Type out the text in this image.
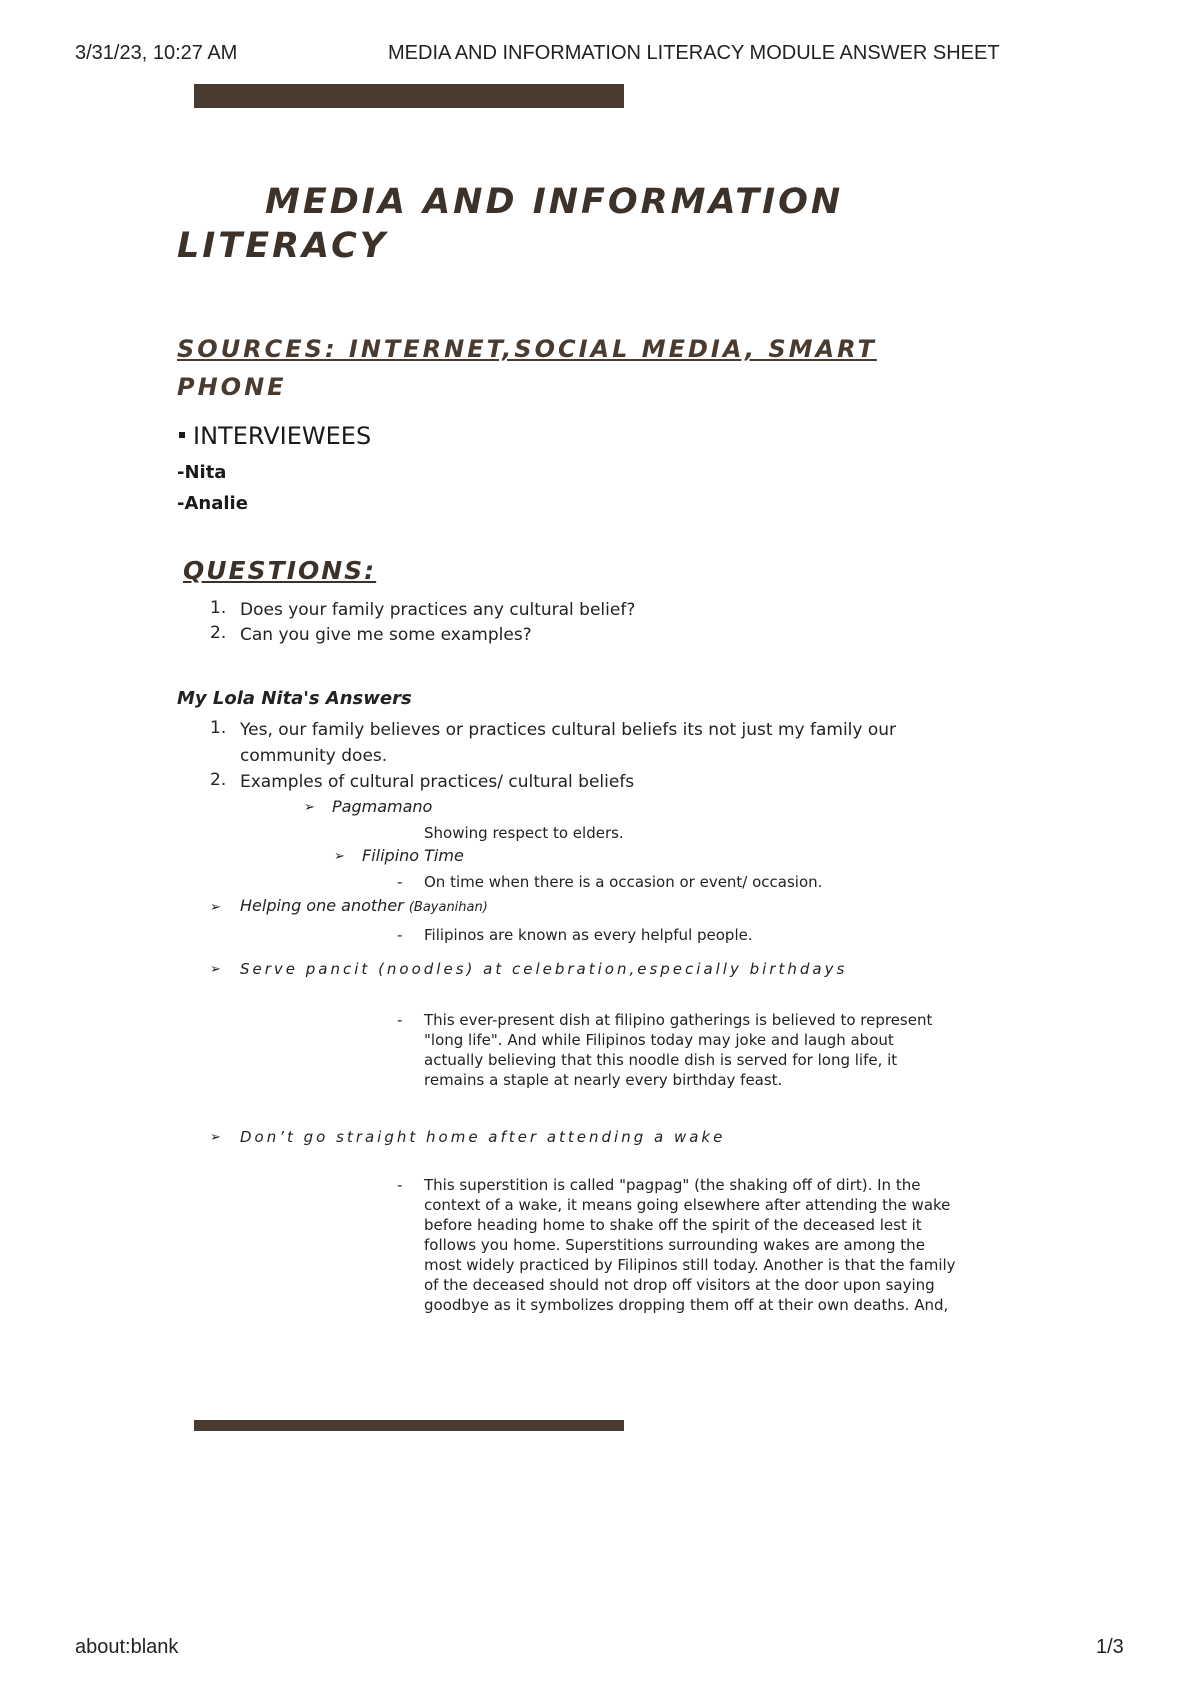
3/31/23, 10:27 AM	MEDIA AND INFORMATION LITERACY MODULE ANSWER SHEET
about:blank	1/3
MEDIA AND INFORMATION
LITERACY
SOURCES: INTERNET,SOCIAL MEDIA, SMART
PHONE
INTERVIEWEES
-Nita
-Analie
QUESTIONS:
1. Does your family practices any cultural belief?
2. Can you give me some examples?
My Lola Nita's Answers
1. Yes, our family believes or practices cultural beliefs its not just my family our
community does.
2. Examples of cultural practices/ cultural beliefs
➢ Pagmamano
Showing respect to elders.
➢ Filipino Time
- On time when there is a occasion or event/ occasion.
➢ Helping one another (Bayanihan)
- Filipinos are known as every helpful people.
➢ Serve pancit (noodles) at celebration,especially birthdays
- This ever-present dish at filipino gatherings is believed to represent
"long life". And while Filipinos today may joke and laugh about
actually believing that this noodle dish is served for long life, it
remains a staple at nearly every birthday feast.
➢ Don’t go straight home after attending a wake
- This superstition is called "pagpag" (the shaking off of dirt). In the
context of a wake, it means going elsewhere after attending the wake
before heading home to shake off the spirit of the deceased lest it
follows you home. Superstitions surrounding wakes are among the
most widely practiced by Filipinos still today. Another is that the family
of the deceased should not drop off visitors at the door upon saying
goodbye as it symbolizes dropping them off at their own deaths. And,
